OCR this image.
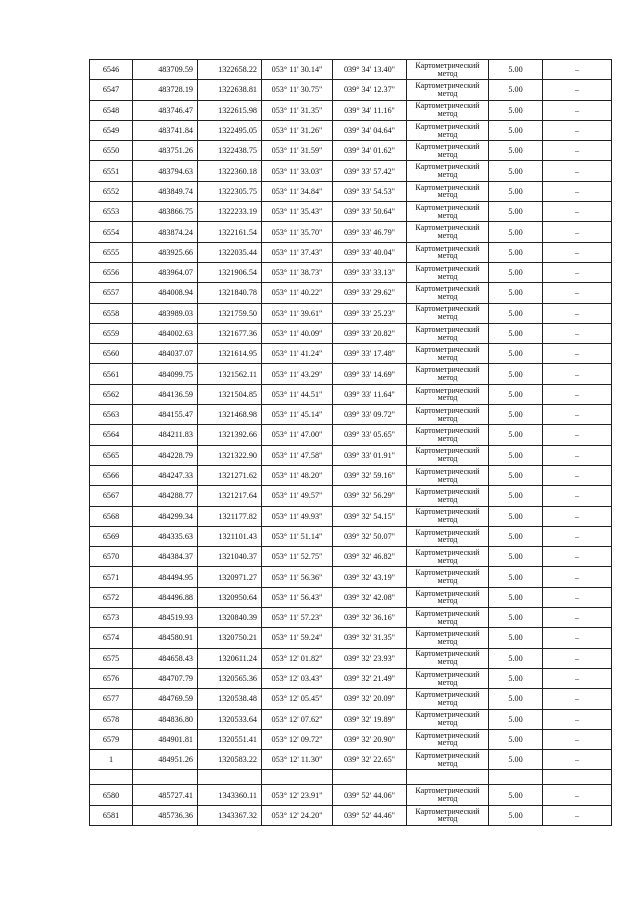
6546	483709.59	1322658.22	053° 11' 30.14"	039° 34' 13.40"	Картометрический метод	5.00	–
6547	483728.19	1322638.81	053° 11' 30.75"	039° 34' 12.37"	Картометрический метод	5.00	–
6548	483746.47	1322615.98	053° 11' 31.35"	039° 34' 11.16"	Картометрический метод	5.00	–
6549	483741.84	1322495.05	053° 11' 31.26"	039° 34' 04.64"	Картометрический метод	5.00	–
6550	483751.26	1322438.75	053° 11' 31.59"	039° 34' 01.62"	Картометрический метод	5.00	–
6551	483794.63	1322360.18	053° 11' 33.03"	039° 33' 57.42"	Картометрический метод	5.00	–
6552	483849.74	1322305.75	053° 11' 34.84"	039° 33' 54.53"	Картометрический метод	5.00	–
6553	483866.75	1322233.19	053° 11' 35.43"	039° 33' 50.64"	Картометрический метод	5.00	–
6554	483874.24	1322161.54	053° 11' 35.70"	039° 33' 46.79"	Картометрический метод	5.00	–
6555	483925.66	1322035.44	053° 11' 37.43"	039° 33' 40.04"	Картометрический метод	5.00	–
6556	483964.07	1321906.54	053° 11' 38.73"	039° 33' 33.13"	Картометрический метод	5.00	–
6557	484008.94	1321840.78	053° 11' 40.22"	039° 33' 29.62"	Картометрический метод	5.00	–
6558	483989.03	1321759.50	053° 11' 39.61"	039° 33' 25.23"	Картометрический метод	5.00	–
6559	484002.63	1321677.36	053° 11' 40.09"	039° 33' 20.82"	Картометрический метод	5.00	–
6560	484037.07	1321614.95	053° 11' 41.24"	039° 33' 17.48"	Картометрический метод	5.00	–
6561	484099.75	1321562.11	053° 11' 43.29"	039° 33' 14.69"	Картометрический метод	5.00	–
6562	484136.59	1321504.85	053° 11' 44.51"	039° 33' 11.64"	Картометрический метод	5.00	–
6563	484155.47	1321468.98	053° 11' 45.14"	039° 33' 09.72"	Картометрический метод	5.00	–
6564	484211.83	1321392.66	053° 11' 47.00"	039° 33' 05.65"	Картометрический метод	5.00	–
6565	484228.79	1321322.90	053° 11' 47.58"	039° 33' 01.91"	Картометрический метод	5.00	–
6566	484247.33	1321271.62	053° 11' 48.20"	039° 32' 59.16"	Картометрический метод	5.00	–
6567	484288.77	1321217.64	053° 11' 49.57"	039° 32' 56.29"	Картометрический метод	5.00	–
6568	484299.34	1321177.82	053° 11' 49.93"	039° 32' 54.15"	Картометрический метод	5.00	–
6569	484335.63	1321101.43	053° 11' 51.14"	039° 32' 50.07"	Картометрический метод	5.00	–
6570	484384.37	1321040.37	053° 11' 52.75"	039° 32' 46.82"	Картометрический метод	5.00	–
6571	484494.95	1320971.27	053° 11' 56.36"	039° 32' 43.19"	Картометрический метод	5.00	–
6572	484496.88	1320950.64	053° 11' 56.43"	039° 32' 42.08"	Картометрический метод	5.00	–
6573	484519.93	1320840.39	053° 11' 57.23"	039° 32' 36.16"	Картометрический метод	5.00	–
6574	484580.91	1320750.21	053° 11' 59.24"	039° 32' 31.35"	Картометрический метод	5.00	–
6575	484658.43	1320611.24	053° 12' 01.82"	039° 32' 23.93"	Картометрический метод	5.00	–
6576	484707.79	1320565.36	053° 12' 03.43"	039° 32' 21.49"	Картометрический метод	5.00	–
6577	484769.59	1320538.48	053° 12' 05.45"	039° 32' 20.09"	Картометрический метод	5.00	–
6578	484836.80	1320533.64	053° 12' 07.62"	039° 32' 19.89"	Картометрический метод	5.00	–
6579	484901.81	1320551.41	053° 12' 09.72"	039° 32' 20.90"	Картометрический метод	5.00	–
1	484951.26	1320583.22	053° 12' 11.30"	039° 32' 22.65"	Картометрический метод	5.00	–

6580	485727.41	1343360.11	053° 12' 23.91"	039° 52' 44.06"	Картометрический метод	5.00	–
6581	485736.36	1343367.32	053° 12' 24.20"	039° 52' 44.46"	Картометрический метод	5.00	–
